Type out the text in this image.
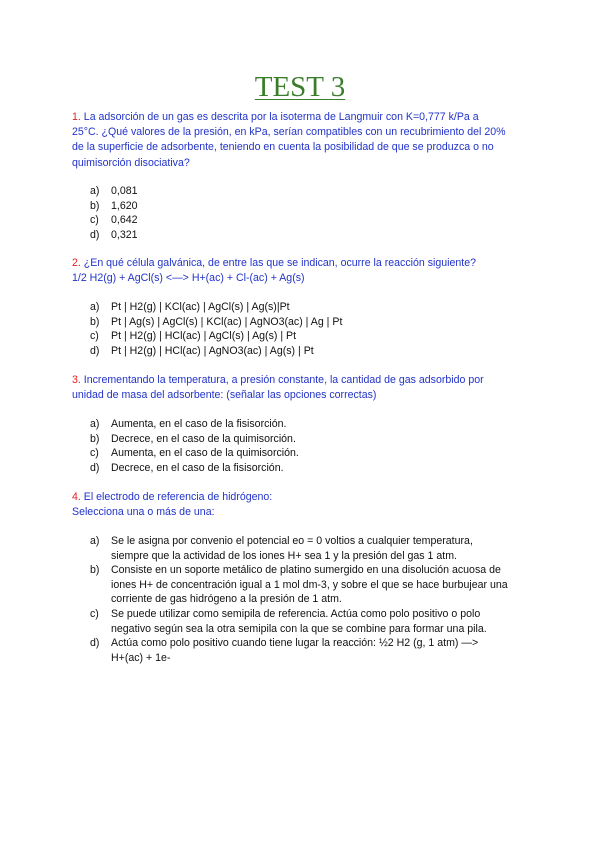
TEST 3
1. La adsorción de un gas es descrita por la isoterma de Langmuir con K=0,777 k/Pa a
25°C. ¿Qué valores de la presión, en kPa, serían compatibles con un recubrimiento del 20%
de la superficie de adsorbente, teniendo en cuenta la posibilidad de que se produzca o no
quimisorción disociativa?
a)	0,081
b)	1,620
c)	0,642
d)	0,321
2. ¿En qué célula galvánica, de entre las que se indican, ocurre la reacción siguiente?
1/2 H2(g) + AgCl(s) <—> H+(ac) + Cl-(ac) + Ag(s)
a)	Pt | H2(g) | KCl(ac) | AgCl(s) | Ag(s)|Pt
b)	Pt | Ag(s) | AgCl(s) | KCl(ac) | AgNO3(ac) | Ag | Pt
c)	Pt | H2(g) | HCl(ac) | AgCl(s) | Ag(s) | Pt
d)	Pt | H2(g) | HCl(ac) | AgNO3(ac) | Ag(s) | Pt
3. Incrementando la temperatura, a presión constante, la cantidad de gas adsorbido por
unidad de masa del adsorbente: (señalar las opciones correctas)
a)	Aumenta, en el caso de la fisisorción.
b)	Decrece, en el caso de la quimisorción.
c)	Aumenta, en el caso de la quimisorción.
d)	Decrece, en el caso de la fisisorción.
4. El electrodo de referencia de hidrógeno:
Selecciona una o más de una:
a)	Se le asigna por convenio el potencial eo = 0 voltios a cualquier temperatura,
siempre que la actividad de los iones H+ sea 1 y la presión del gas 1 atm.
b)	Consiste en un soporte metálico de platino sumergido en una disolución acuosa de
iones H+ de concentración igual a 1 mol dm-3, y sobre el que se hace burbujear una
corriente de gas hidrógeno a la presión de 1 atm.
c)	Se puede utilizar como semipila de referencia. Actúa como polo positivo o polo
negativo según sea la otra semipila con la que se combine para formar una pila.
d)	Actúa como polo positivo cuando tiene lugar la reacción: ½2 H2 (g, 1 atm) —>
H+(ac) + 1e-
